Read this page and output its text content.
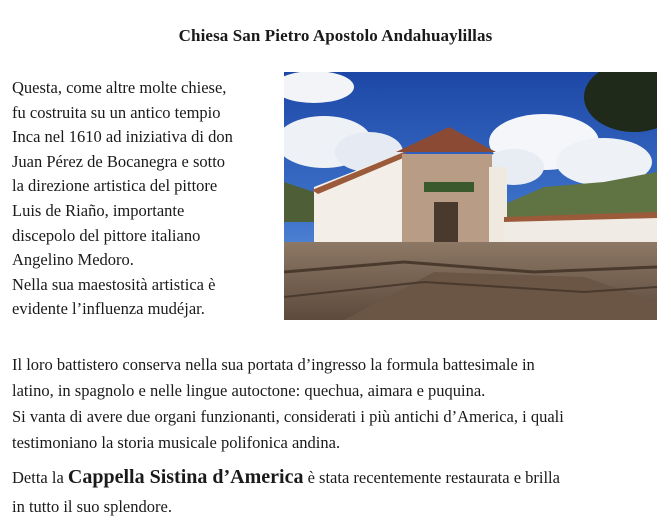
Chiesa San Pietro Apostolo Andahuaylillas
Questa, come altre molte chiese,
fu costruita su un antico tempio
Inca nel 1610 ad iniziativa di don
Juan Pérez de Bocanegra e sotto
la direzione artistica del pittore
Luis de Riaño, importante
discepolo del pittore italiano
Angelino Medoro.
Nella sua maestosità artistica è
evidente l’influenza mudéjar.
Il loro battistero conserva nella sua portata d’ingresso la formula battesimale in
latino, in spagnolo e nelle lingue autoctone: quechua, aimara e puquina.
Si vanta di avere due organi funzionanti, considerati i più antichi d’America, i quali
testimoniano la storia musicale polifonica andina.
Detta la Cappella Sistina d’America è stata recentemente restaurata e brilla
in tutto il suo splendore.
